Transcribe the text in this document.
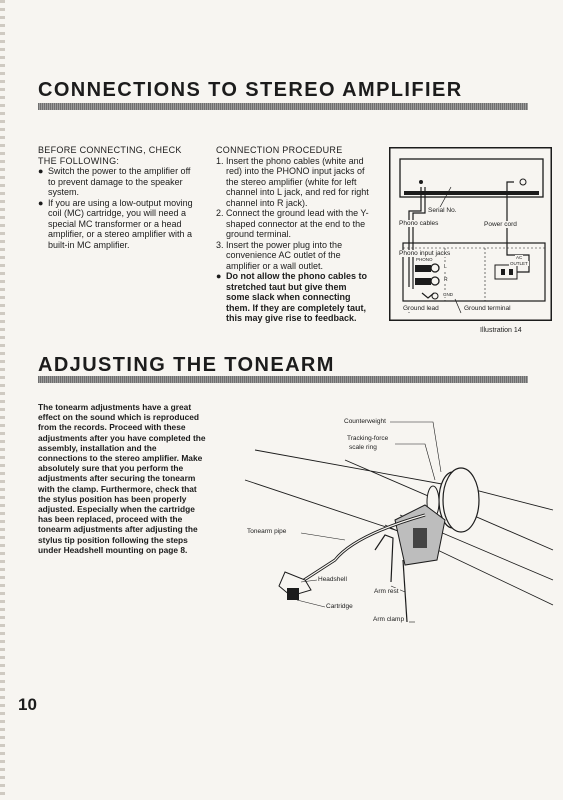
CONNECTIONS TO STEREO AMPLIFIER
BEFORE CONNECTING, CHECK THE FOLLOWING:
● Switch the power to the amplifier off to prevent damage to the speaker system.
● If you are using a low-output moving coil (MC) cartridge, you will need a special MC transformer or a head amplifier, or a stereo amplifier with a built-in MC amplifier.
CONNECTION PROCEDURE
1. Insert the phono cables (white and red) into the PHONO input jacks of the stereo amplifier (white for left channel into L jack, and red for right channel into R jack).
2. Connect the ground lead with the Y-shaped connector at the end to the ground terminal.
3. Insert the power plug into the convenience AC outlet of the amplifier or a wall outlet.
● Do not allow the phono cables to stretched taut but give them some slack when connecting them. If they are completely taut, this may give rise to feedback.
Serial No.
Phono cables	Power cord
Phono input jacks
PHONO	AC
OUTLET
L
R
GND
Ground lead	Ground terminal
Illustration 14
ADJUSTING THE TONEARM
The tonearm adjustments have a great effect on the sound which is reproduced from the records. Proceed with these adjustments after you have completed the assembly, installation and the connections to the stereo amplifier. Make absolutely sure that you perform the adjustments after securing the tonearm with the clamp. Furthermore, check that the stylus position has been properly adjusted. Especially when the cartridge has been replaced, proceed with the tonearm adjustments after adjusting the stylus tip position following the steps under Headshell mounting on page 8.
Counterweight
Tracking-force
scale ring
Tonearm pipe
Headshell
Cartridge
Arm rest
Arm clamp
10
